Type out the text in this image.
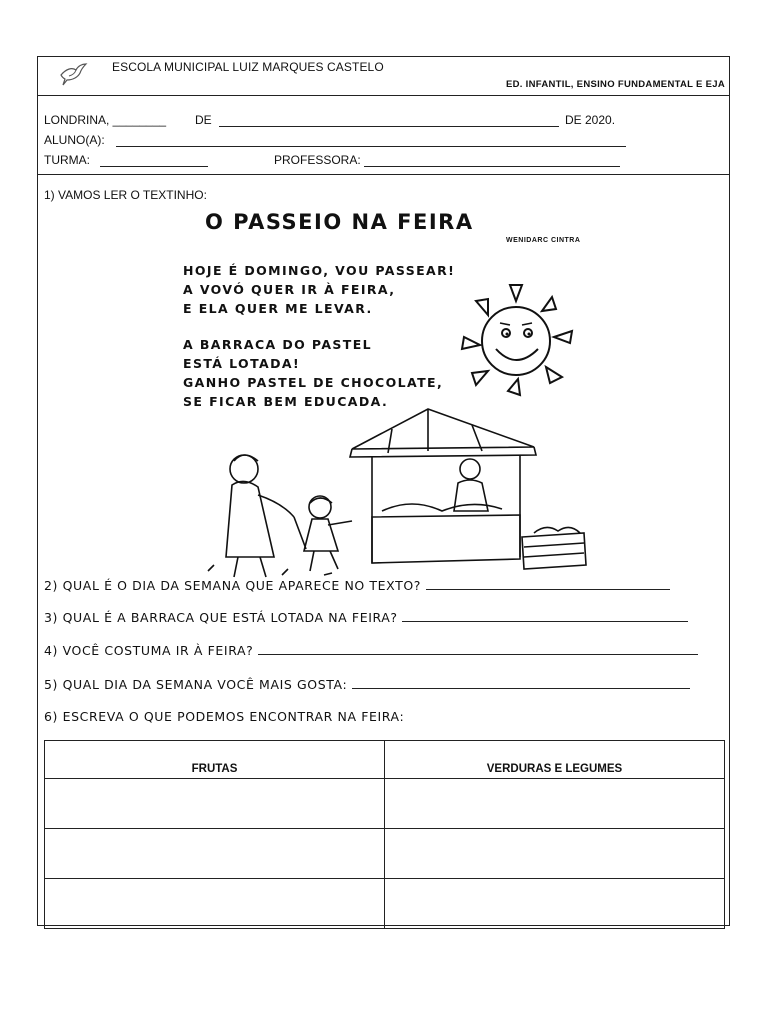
ESCOLA MUNICIPAL LUIZ MARQUES CASTELO
ED. INFANTIL, ENSINO FUNDAMENTAL E EJA
LONDRINA, ________ DE	DE 2020.
ALUNO(A):
TURMA:	PROFESSORA:
1) VAMOS LER O TEXTINHO:
O PASSEIO NA FEIRA
WENIDARC CINTRA
HOJE É DOMINGO, VOU PASSEAR!
A VOVÓ QUER IR À FEIRA,
E ELA QUER ME LEVAR.
A BARRACA DO PASTEL
ESTÁ LOTADA!
GANHO PASTEL DE CHOCOLATE,
SE FICAR BEM EDUCADA.
2) QUAL É O DIA DA SEMANA QUE APARECE NO TEXTO?
3) QUAL É A BARRACA QUE ESTÁ LOTADA NA FEIRA?
4) VOCÊ COSTUMA IR À FEIRA?
5) QUAL DIA DA SEMANA VOCÊ MAIS GOSTA:
6) ESCREVA O QUE PODEMOS ENCONTRAR NA FEIRA:
FRUTAS	VERDURAS E LEGUMES
